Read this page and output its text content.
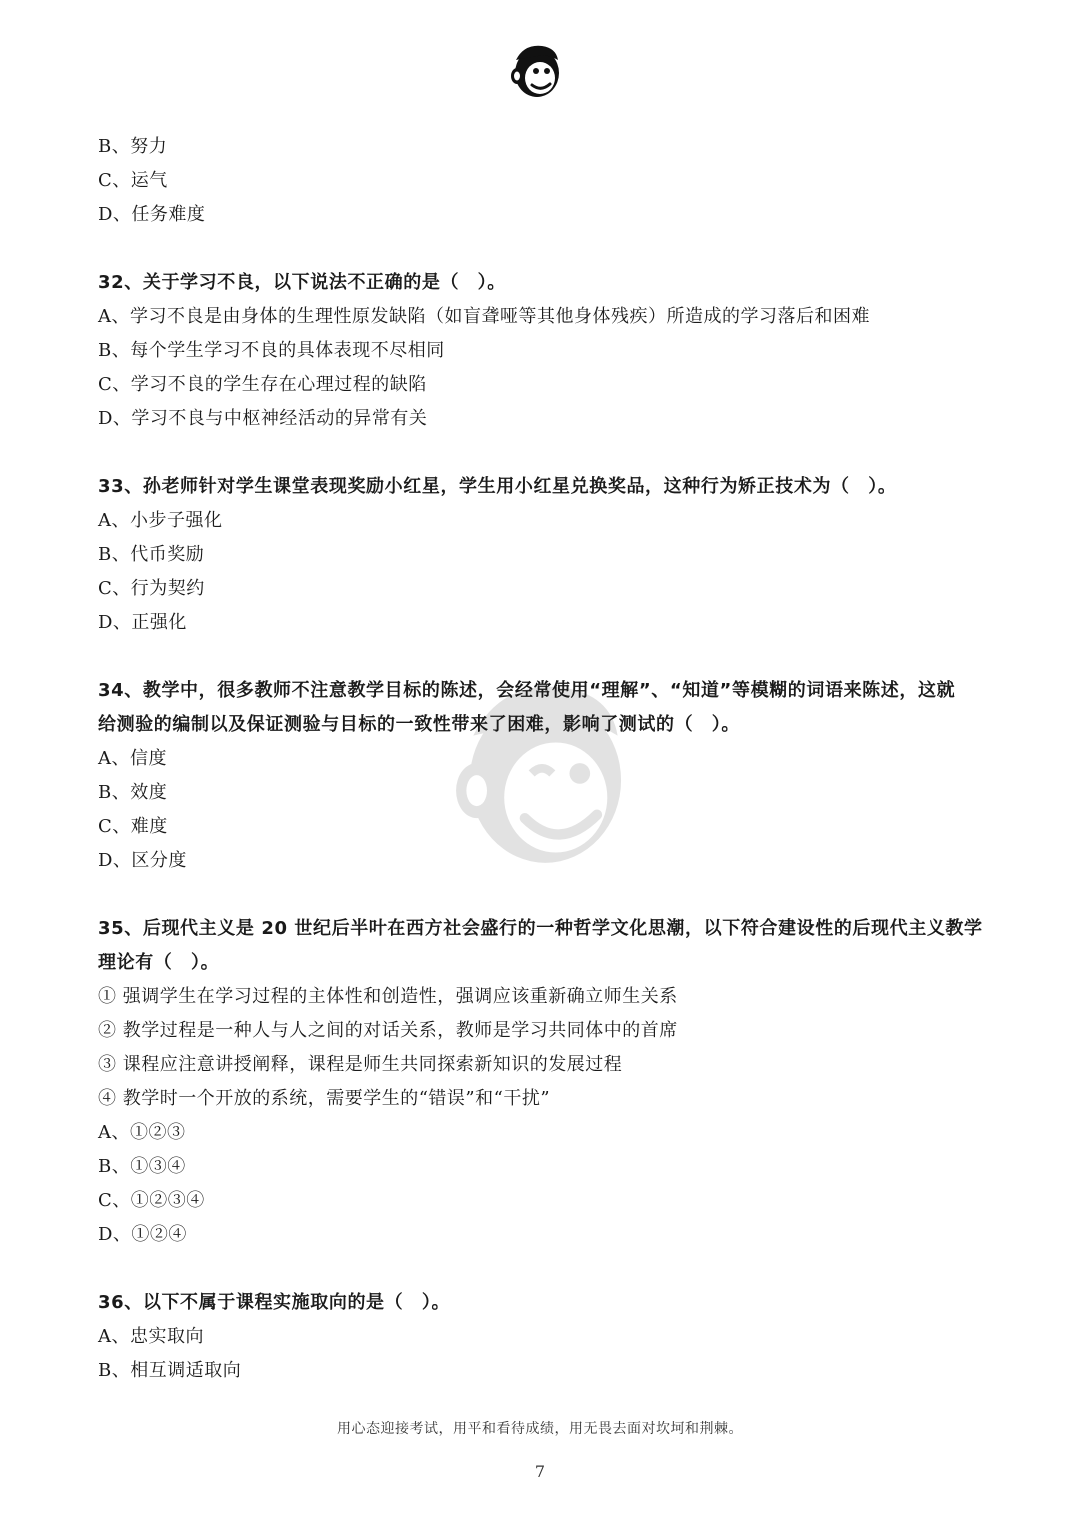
B、努力
C、运气
D、任务难度
32、关于学习不良，以下说法不正确的是（　）。
A、学习不良是由身体的生理性原发缺陷（如盲聋哑等其他身体残疾）所造成的学习落后和困难
B、每个学生学习不良的具体表现不尽相同
C、学习不良的学生存在心理过程的缺陷
D、学习不良与中枢神经活动的异常有关
33、孙老师针对学生课堂表现奖励小红星，学生用小红星兑换奖品，这种行为矫正技术为（　）。
A、小步子强化
B、代币奖励
C、行为契约
D、正强化
34、教学中，很多教师不注意教学目标的陈述，会经常使用“理解”、“知道”等模糊的词语来陈述，这就
给测验的编制以及保证测验与目标的一致性带来了困难，影响了测试的（　）。
A、信度
B、效度
C、难度
D、区分度
35、后现代主义是 20 世纪后半叶在西方社会盛行的一种哲学文化思潮，以下符合建设性的后现代主义教学
理论有（　）。
① 强调学生在学习过程的主体性和创造性，强调应该重新确立师生关系
② 教学过程是一种人与人之间的对话关系，教师是学习共同体中的首席
③ 课程应注意讲授阐释，课程是师生共同探索新知识的发展过程
④ 教学时一个开放的系统，需要学生的“错误”和“干扰”
A、①②③
B、①③④
C、①②③④
D、①②④
36、以下不属于课程实施取向的是（　）。
A、忠实取向
B、相互调适取向
用心态迎接考试，用平和看待成绩，用无畏去面对坎坷和荆棘。
7
